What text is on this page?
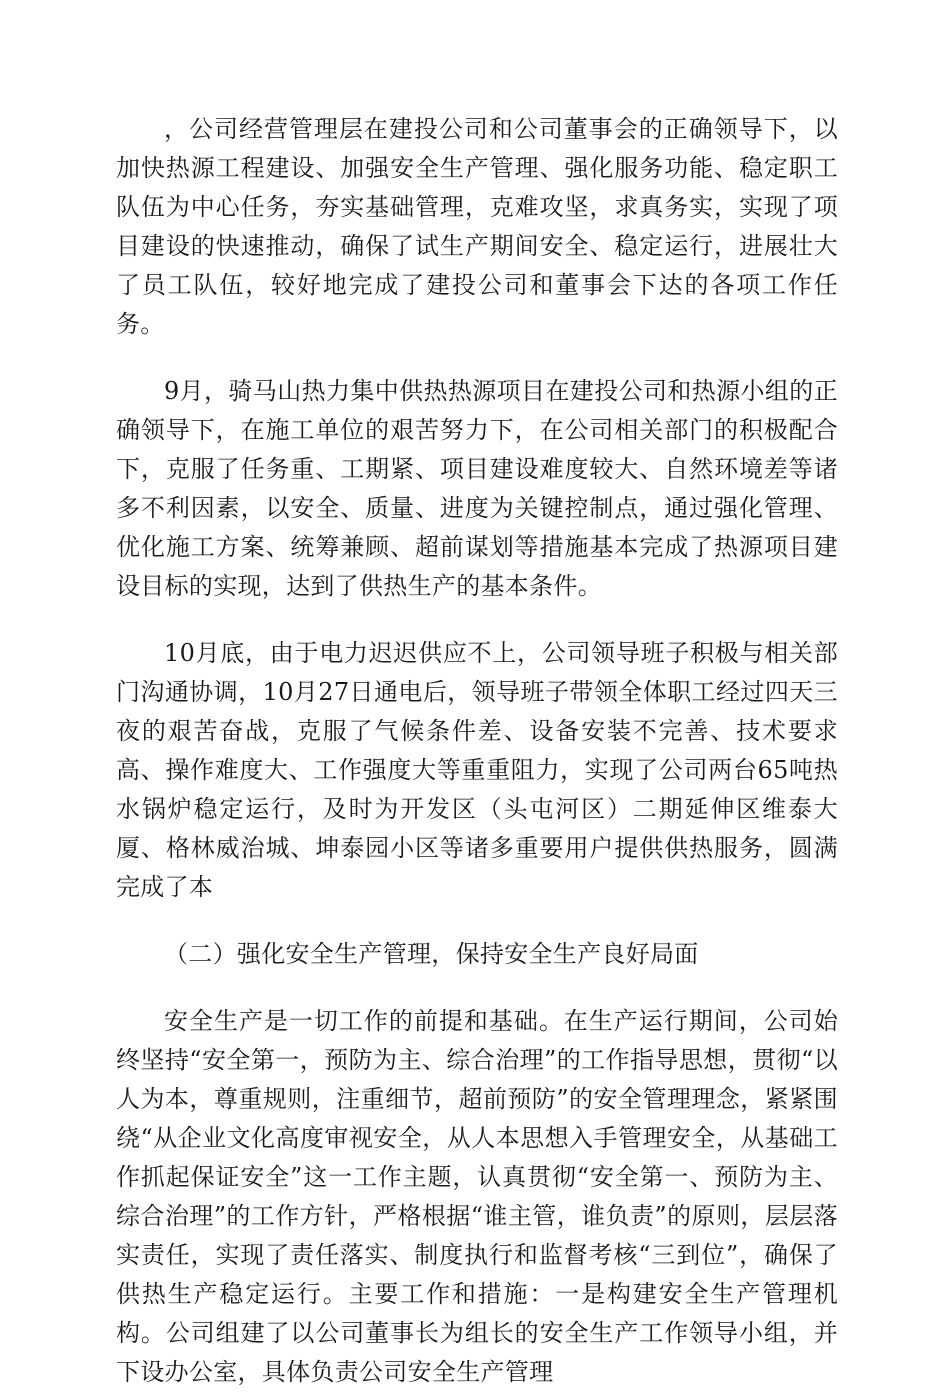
，公司经营管理层在建投公司和公司董事会的正确领导下，以加快热源工程建设、加强安全生产管理、强化服务功能、稳定职工队伍为中心任务，夯实基础管理，克难攻坚，求真务实，实现了项目建设的快速推动，确保了试生产期间安全、稳定运行，进展壮大了员工队伍，较好地完成了建投公司和董事会下达的各项工作任务。

9月，骑马山热力集中供热热源项目在建投公司和热源小组的正确领导下，在施工单位的艰苦努力下，在公司相关部门的积极配合下，克服了任务重、工期紧、项目建设难度较大、自然环境差等诸多不利因素，以安全、质量、进度为关键控制点，通过强化管理、优化施工方案、统筹兼顾、超前谋划等措施基本完成了热源项目建设目标的实现，达到了供热生产的基本条件。

10月底，由于电力迟迟供应不上，公司领导班子积极与相关部门沟通协调，10月27日通电后，领导班子带领全体职工经过四天三夜的艰苦奋战，克服了气候条件差、设备安装不完善、技术要求高、操作难度大、工作强度大等重重阻力，实现了公司两台65吨热水锅炉稳定运行，及时为开发区（头屯河区）二期延伸区维泰大厦、格林威治城、坤泰园小区等诸多重要用户提供供热服务，圆满完成了本

（二）强化安全生产管理，保持安全生产良好局面

安全生产是一切工作的前提和基础。在生产运行期间，公司始终坚持“安全第一，预防为主、综合治理”的工作指导思想，贯彻“以人为本，尊重规则，注重细节，超前预防”的安全管理理念，紧紧围绕“从企业文化高度审视安全，从人本思想入手管理安全，从基础工作抓起保证安全”这一工作主题，认真贯彻“安全第一、预防为主、综合治理”的工作方针，严格根据“谁主管，谁负责”的原则，层层落实责任，实现了责任落实、制度执行和监督考核“三到位”，确保了供热生产稳定运行。主要工作和措施：一是构建安全生产管理机构。公司组建了以公司董事长为组长的安全生产工作领导小组，并下设办公室，具体负责公司安全生产管理
